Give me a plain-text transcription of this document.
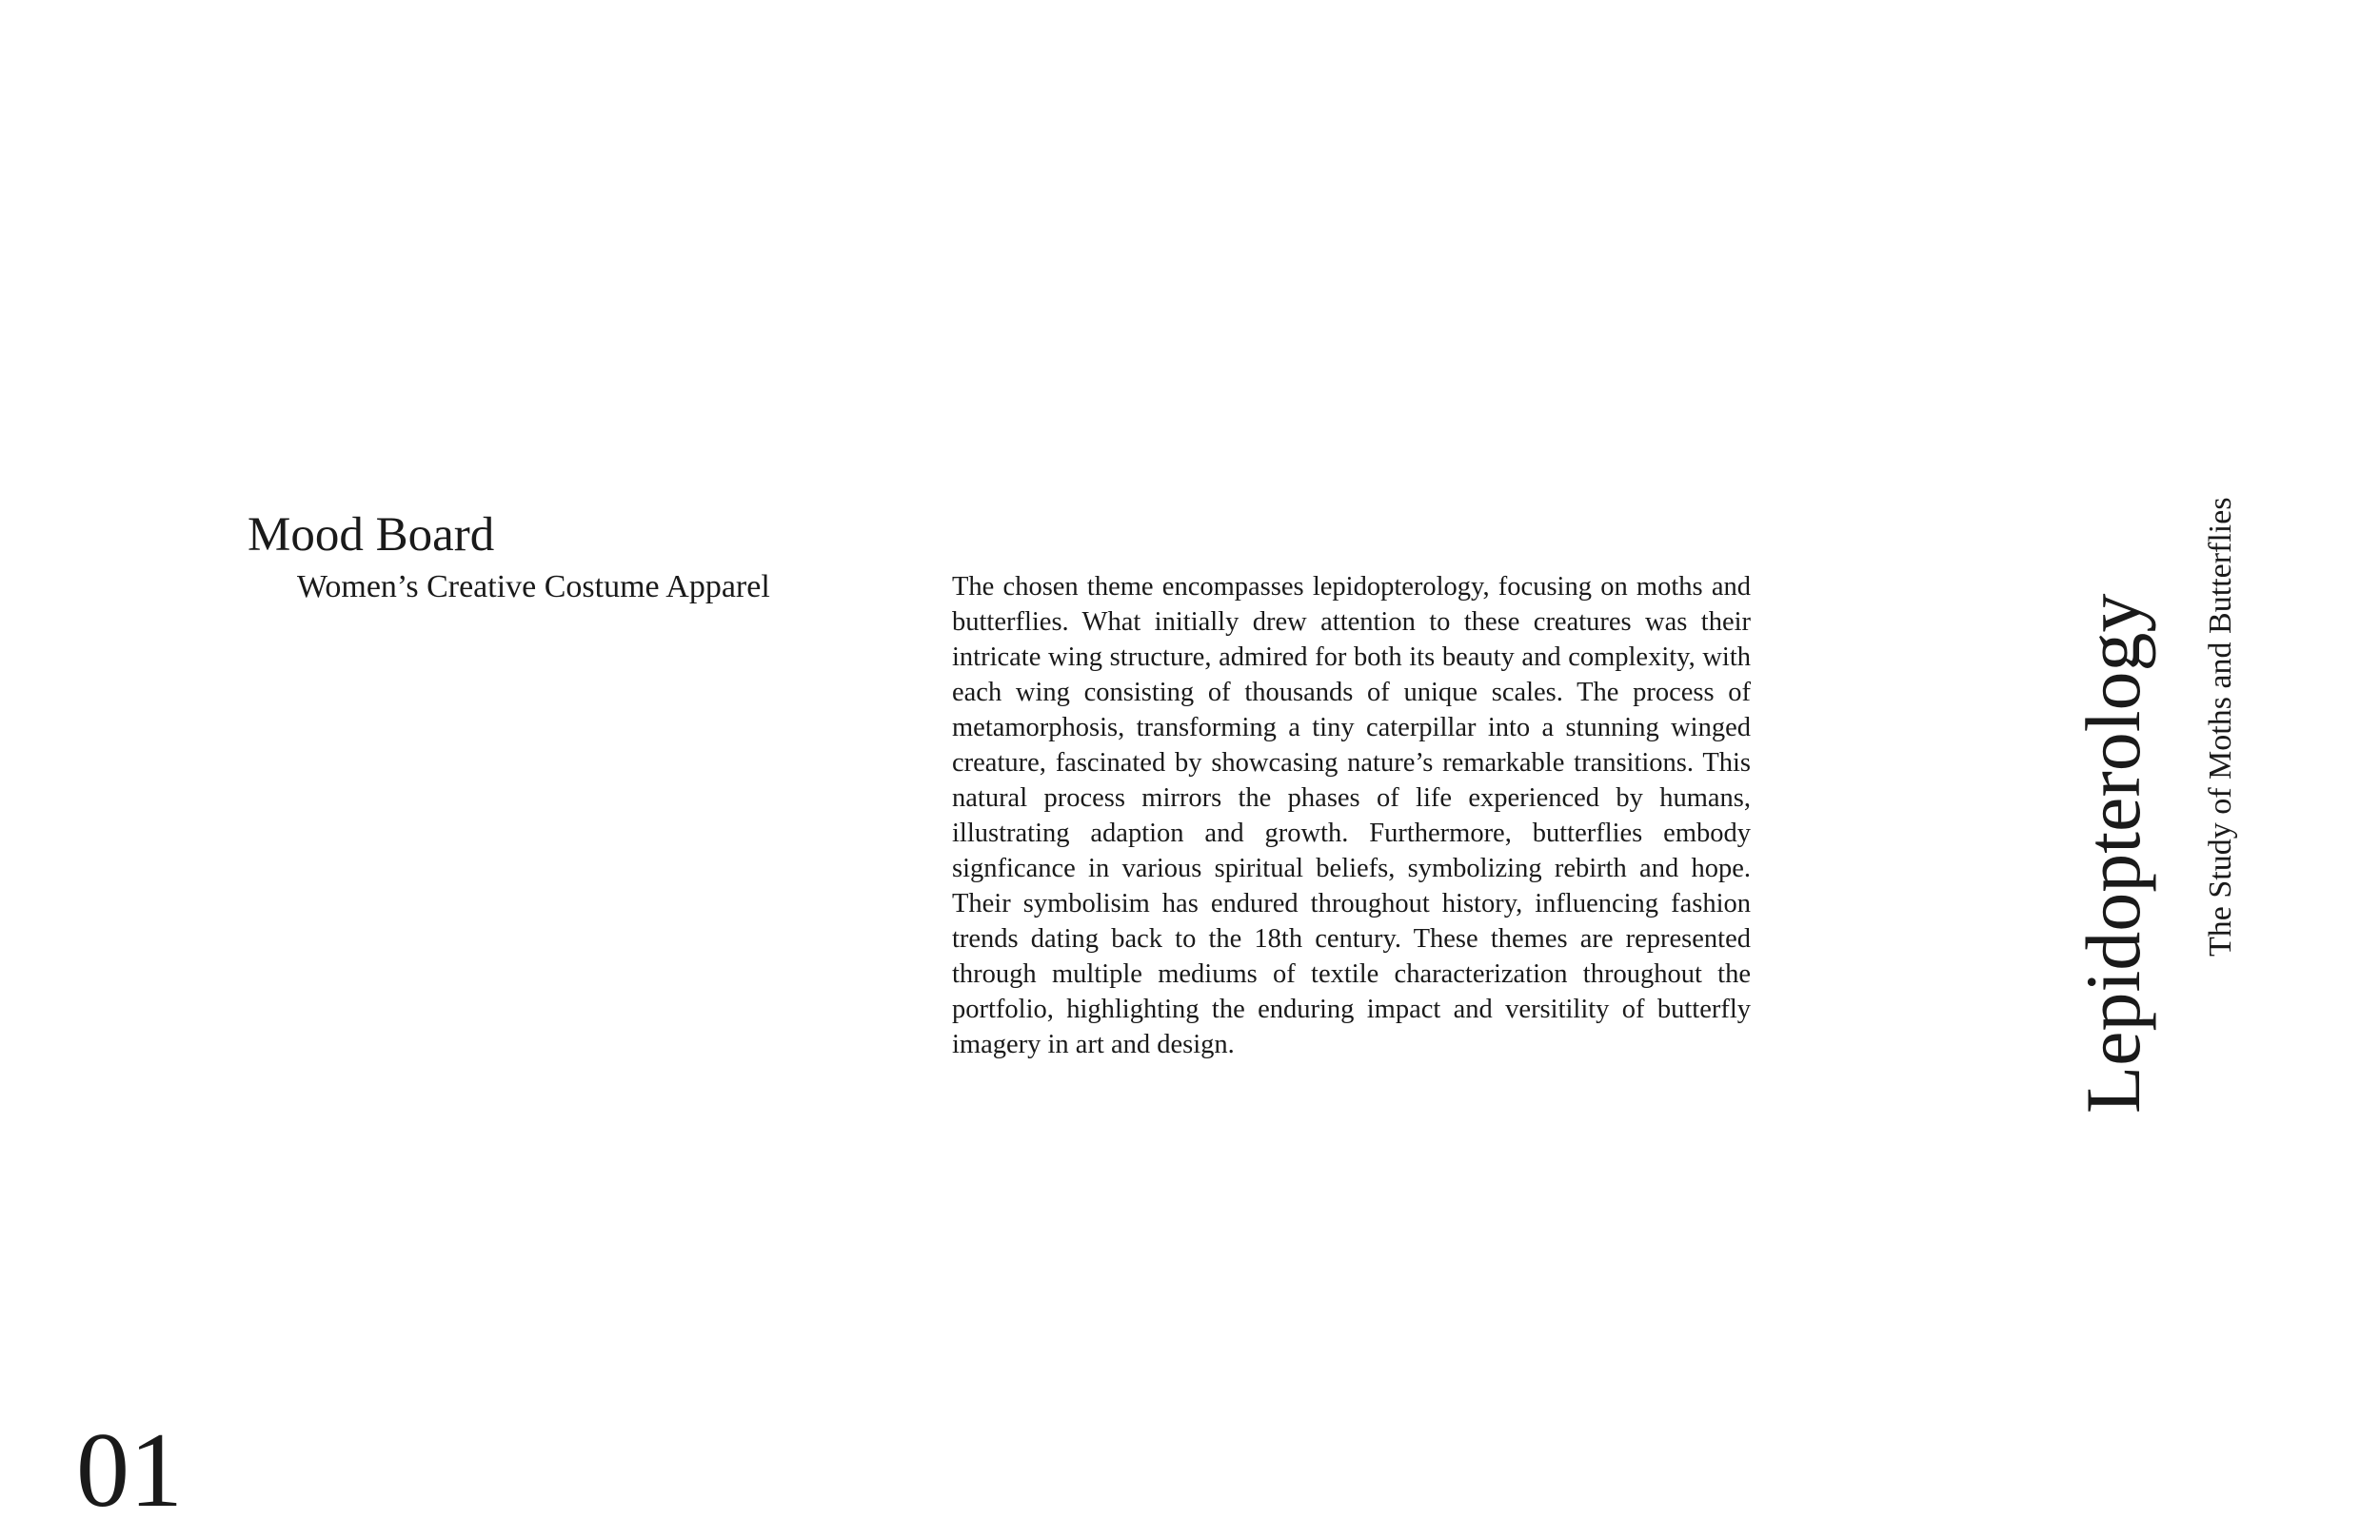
Mood Board

Women’s Creative Costume Apparel	The chosen theme encompasses lepidopterology, focusing on moths and butterflies. What initially drew attention to these creatures was their intricate wing structure, admired for both its beauty and complexity, with each wing consisting of thousands of unique scales. The process of metamorphosis, transforming a tiny caterpillar into a stunning winged creature, fascinated by showcasing nature’s remarkable transitions. This natural process mirrors the phases of life experienced by humans, illustrating adaption and growth. Furthermore, butterflies embody signficance in various spiritual beliefs, symbolizing rebirth and hope. Their symbolisim has endured throughout history, influencing fashion trends dating back to the 18th century. These themes are represented through multiple mediums of textile characterization throughout the portfolio, highlighting the enduring impact and versitility of butterfly imagery in art and design.	Lepidopterology The Study of Moths and Butterflies

01
